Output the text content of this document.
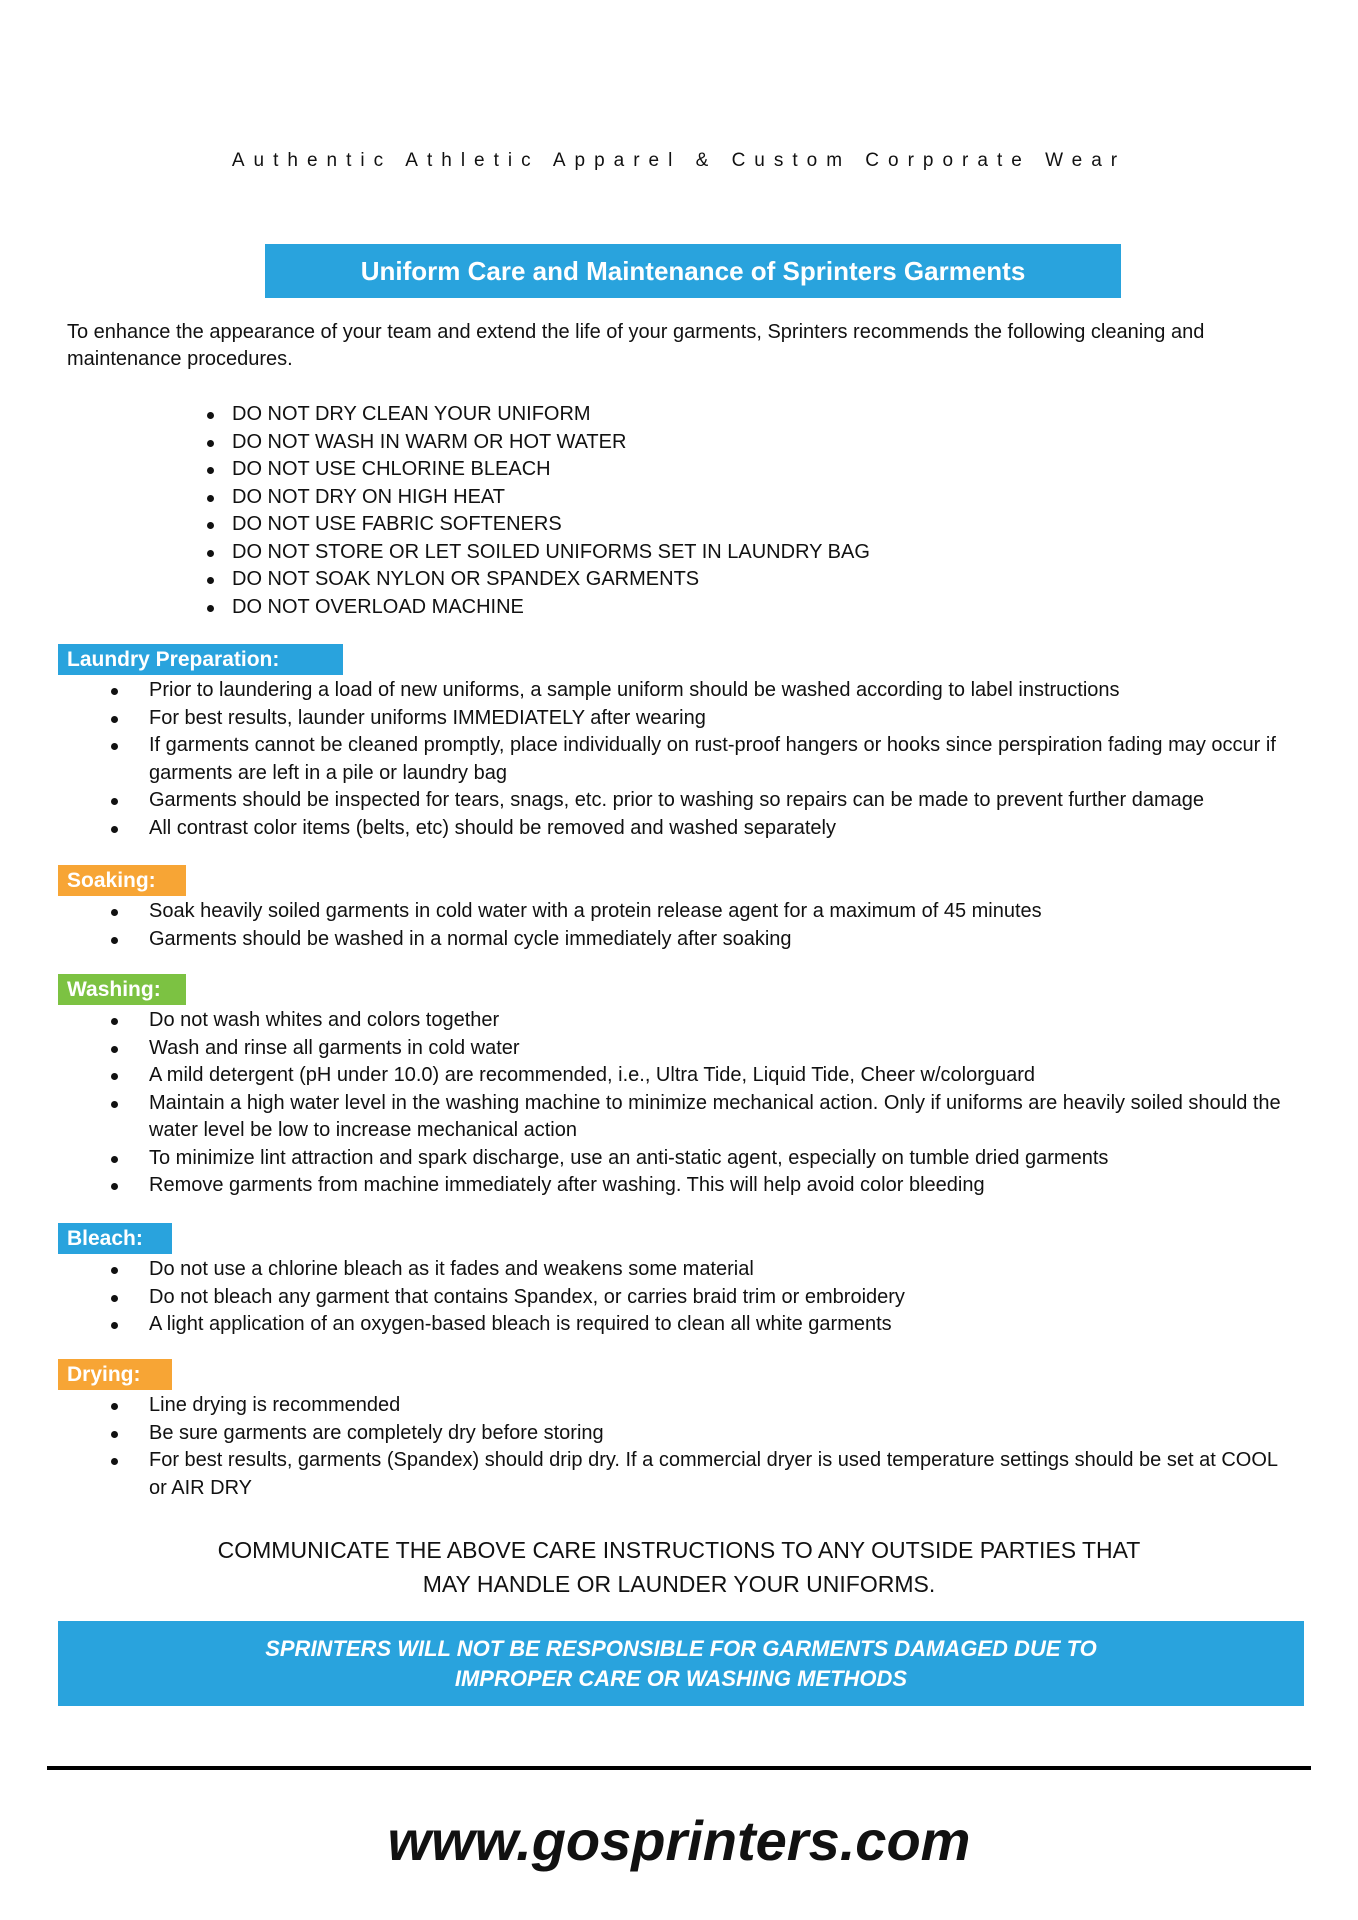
Authentic Athletic Apparel & Custom Corporate Wear
Uniform Care and Maintenance of Sprinters Garments
To enhance the appearance of your team and extend the life of your garments, Sprinters recommends the following cleaning and maintenance procedures.
DO NOT DRY CLEAN YOUR UNIFORM
DO NOT WASH IN WARM OR HOT WATER
DO NOT USE CHLORINE BLEACH
DO NOT DRY ON HIGH HEAT
DO NOT USE FABRIC SOFTENERS
DO NOT STORE OR LET SOILED UNIFORMS SET IN LAUNDRY BAG
DO NOT SOAK NYLON OR SPANDEX GARMENTS
DO NOT OVERLOAD MACHINE
Laundry Preparation:
Prior to laundering a load of new uniforms, a sample uniform should be washed according to label instructions
For best results, launder uniforms IMMEDIATELY after wearing
If garments cannot be cleaned promptly, place individually on rust-proof hangers or hooks since perspiration fading may occur if garments are left in a pile or laundry bag
Garments should be inspected for tears, snags, etc. prior to washing so repairs can be made to prevent further damage
All contrast color items (belts, etc) should be removed and washed separately
Soaking:
Soak heavily soiled garments in cold water with a protein release agent for a maximum of 45 minutes
Garments should be washed in a normal cycle immediately after soaking
Washing:
Do not wash whites and colors together
Wash and rinse all garments in cold water
A mild detergent (pH under 10.0) are recommended, i.e., Ultra Tide, Liquid Tide, Cheer w/colorguard
Maintain a high water level in the washing machine to minimize mechanical action. Only if uniforms are heavily soiled should the water level be low to increase mechanical action
To minimize lint attraction and spark discharge, use an anti-static agent, especially on tumble dried garments
Remove garments from machine immediately after washing. This will help avoid color bleeding
Bleach:
Do not use a chlorine bleach as it fades and weakens some material
Do not bleach any garment that contains Spandex, or carries braid trim or embroidery
A light application of an oxygen-based bleach is required to clean all white garments
Drying:
Line drying is recommended
Be sure garments are completely dry before storing
For best results, garments (Spandex) should drip dry. If a commercial dryer is used temperature settings should be set at COOL or AIR DRY
COMMUNICATE THE ABOVE CARE INSTRUCTIONS TO ANY OUTSIDE PARTIES THAT
MAY HANDLE OR LAUNDER YOUR UNIFORMS.
SPRINTERS WILL NOT BE RESPONSIBLE FOR GARMENTS DAMAGED DUE TO
IMPROPER CARE OR WASHING METHODS
www.gosprinters.com
